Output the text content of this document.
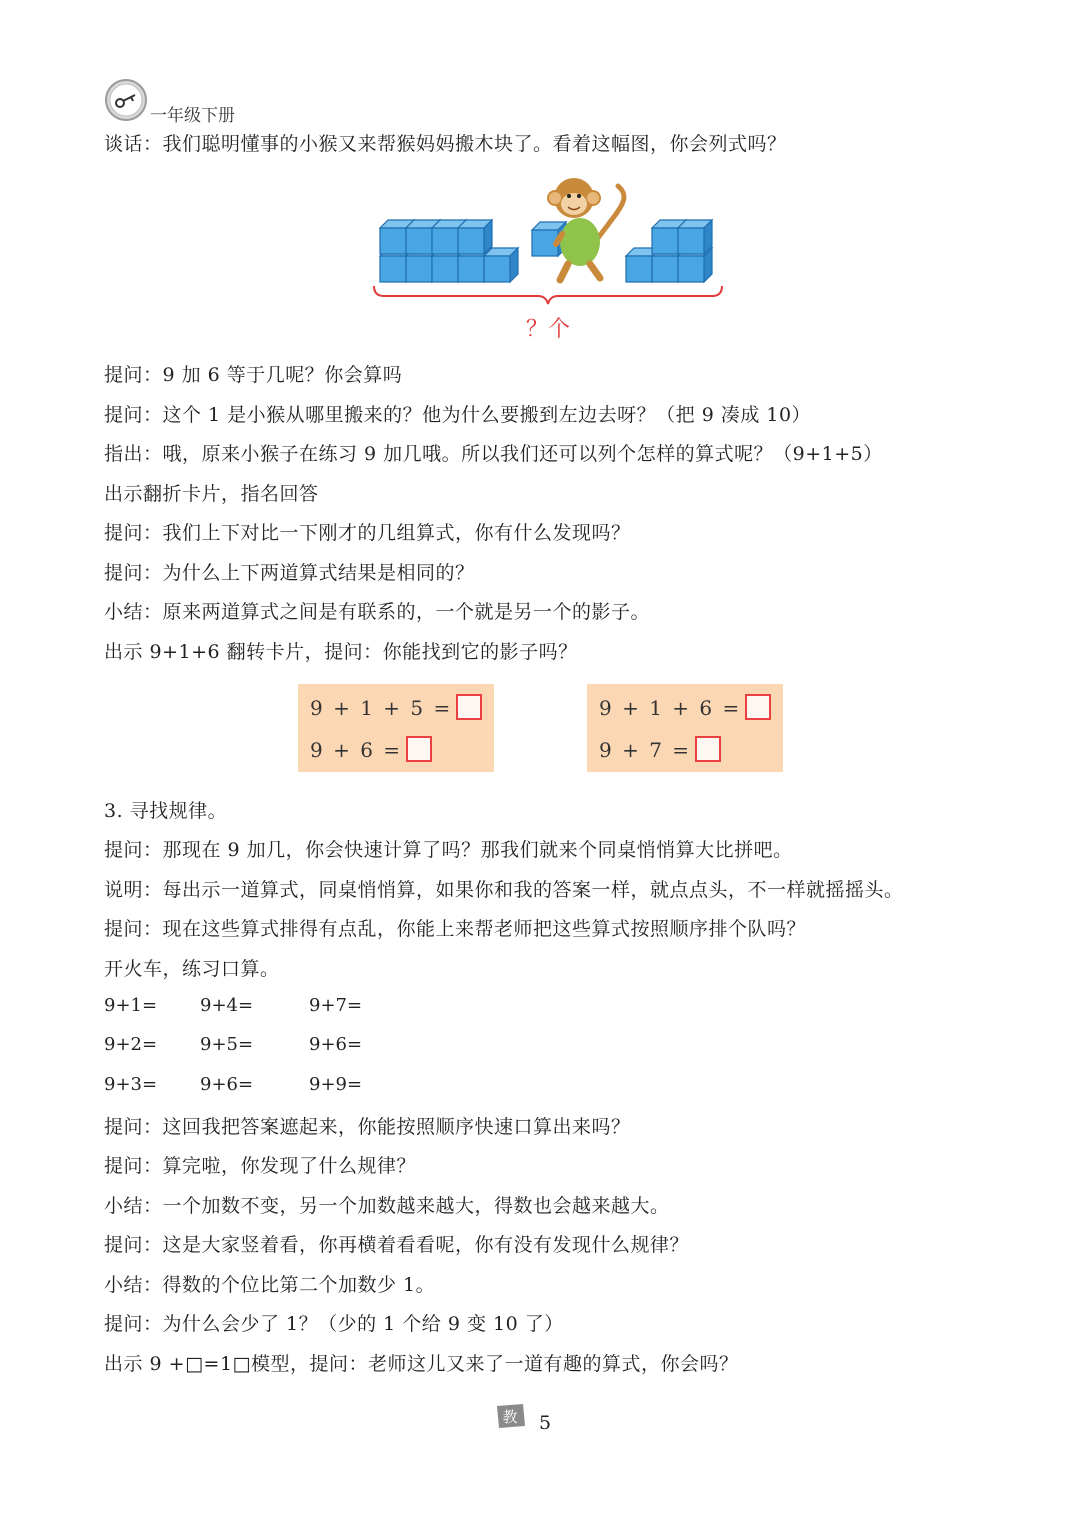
一年级下册
谈话：我们聪明懂事的小猴又来帮猴妈妈搬木块了。看着这幅图，你会列式吗？
？个
提问：9 加 6 等于几呢？你会算吗
提问：这个 1 是小猴从哪里搬来的？他为什么要搬到左边去呀？（把 9 凑成 10）
指出：哦，原来小猴子在练习 9 加几哦。所以我们还可以列个怎样的算式呢？（9+1+5）
出示翻折卡片，指名回答
提问：我们上下对比一下刚才的几组算式，你有什么发现吗？
提问：为什么上下两道算式结果是相同的？
小结：原来两道算式之间是有联系的，一个就是另一个的影子。
出示 9+1+6 翻转卡片，提问：你能找到它的影子吗？
9 + 1 + 5 =
9 + 6 =
9 + 1 + 6 =
9 + 7 =
3. 寻找规律。
提问：那现在 9 加几，你会快速计算了吗？那我们就来个同桌悄悄算大比拼吧。
说明：每出示一道算式，同桌悄悄算，如果你和我的答案一样，就点点头，不一样就摇摇头。
提问：现在这些算式排得有点乱，你能上来帮老师把这些算式按照顺序排个队吗？
开火车，练习口算。
9+1= 9+4=	9+7=
9+2= 9+5=	9+6=
9+3= 9+6=	9+9=
提问：这回我把答案遮起来，你能按照顺序快速口算出来吗？
提问：算完啦，你发现了什么规律？
小结：一个加数不变，另一个加数越来越大，得数也会越来越大。
提问：这是大家竖着看，你再横着看看呢，你有没有发现什么规律？
小结：得数的个位比第二个加数少 1。
提问：为什么会少了 1？（少的 1 个给 9 变 10 了）
出示 9 +□=1□模型，提问：老师这儿又来了一道有趣的算式，你会吗？
教 5
